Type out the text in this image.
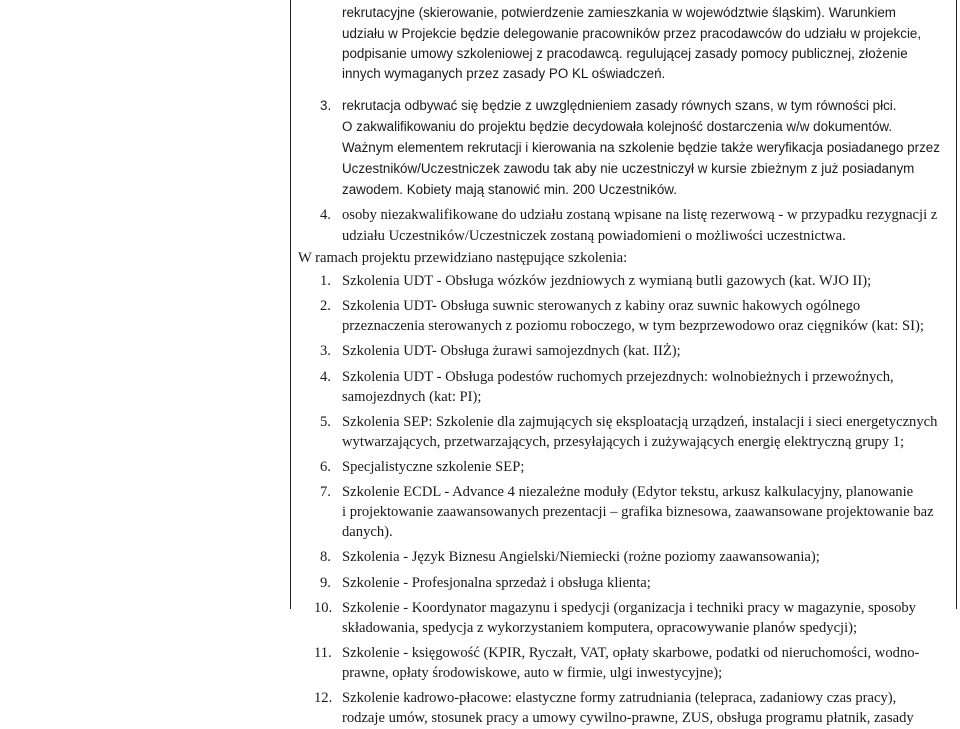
rekrutacyjne (skierowanie, potwierdzenie zamieszkania w województwie śląskim). Warunkiem
udziału w Projekcie będzie delegowanie pracowników przez pracodawców do udziału w projekcie,
podpisanie umowy szkoleniowej z pracodawcą. regulującej zasady pomocy publicznej, złożenie
innych wymaganych przez zasady PO KL oświadczeń.
3. rekrutacja odbywać się będzie z uwzględnieniem zasady równych szans, w tym równości płci.
O zakwalifikowaniu do projektu będzie decydowała kolejność dostarczenia w/w dokumentów.
Ważnym elementem rekrutacji i kierowania na szkolenie będzie także weryfikacja posiadanego przez
Uczestników/Uczestniczek zawodu tak aby nie uczestniczył w kursie zbieżnym z już posiadanym
zawodem. Kobiety mają stanowić min. 200 Uczestników.
4. osoby niezakwalifikowane do udziału zostaną wpisane na listę rezerwową - w przypadku rezygnacji z
udziału Uczestników/Uczestniczek zostaną powiadomieni o możliwości uczestnictwa.
W ramach projektu przewidziano następujące szkolenia:
1. Szkolenia UDT - Obsługa wózków jezdniowych z wymianą butli gazowych (kat. WJO II);
2. Szkolenia UDT- Obsługa suwnic sterowanych z kabiny oraz suwnic hakowych ogólnego
przeznaczenia sterowanych z poziomu roboczego, w tym bezprzewodowo oraz cięgników (kat: SI);
3. Szkolenia UDT- Obsługa żurawi samojezdnych (kat. IIŻ);
4. Szkolenia UDT - Obsługa podestów ruchomych przejezdnych: wolnobieżnych i przewoźnych,
samojezdnych (kat: PI);
5. Szkolenia SEP: Szkolenie dla zajmujących się eksploatacją urządzeń, instalacji i sieci energetycznych
wytwarzających, przetwarzających, przesyłających i zużywających energię elektryczną grupy 1;
6. Specjalistyczne szkolenie SEP;
7. Szkolenie ECDL - Advance 4 niezależne moduły (Edytor tekstu, arkusz kalkulacyjny, planowanie
i projektowanie zaawansowanych prezentacji – grafika biznesowa, zaawansowane projektowanie baz
danych).
8. Szkolenia - Język Biznesu Angielski/Niemiecki (rożne poziomy zaawansowania);
9. Szkolenie - Profesjonalna sprzedaż i obsługa klienta;
10. Szkolenie - Koordynator magazynu i spedycji (organizacja i techniki pracy w magazynie, sposoby
składowania, spedycja z wykorzystaniem komputera, opracowywanie planów spedycji);
11. Szkolenie - księgowość (KPIR, Ryczałt, VAT, opłaty skarbowe, podatki od nieruchomości, wodno-
prawne, opłaty środowiskowe, auto w firmie, ulgi inwestycyjne);
12. Szkolenie kadrowo-płacowe: elastyczne formy zatrudniania (telepraca, zadaniowy czas pracy),
rodzaje umów, stosunek pracy a umowy cywilno-prawne, ZUS, obsługa programu płatnik, zasady
